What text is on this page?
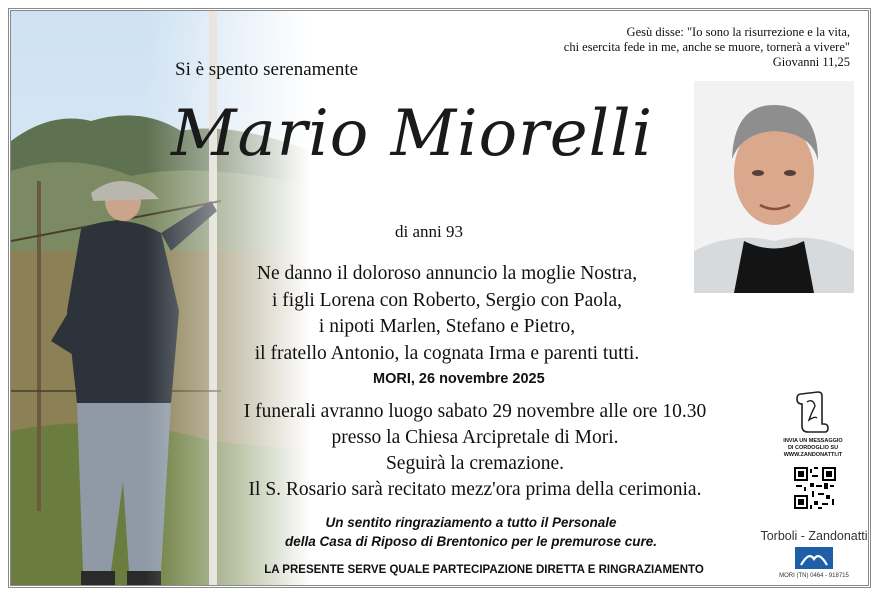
Gesù disse: "Io sono la risurrezione e la vita,
chi esercita fede in me, anche se muore, tornerà a vivere"
Giovanni 11,25
Si è spento serenamente
Mario Miorelli
di anni 93
Ne danno il doloroso annuncio la moglie Nostra,
i figli Lorena con Roberto, Sergio con Paola,
i nipoti Marlen, Stefano e Pietro,
il fratello Antonio, la cognata Irma e parenti tutti.
MORI, 26 novembre 2025
I funerali avranno luogo sabato 29 novembre alle ore 10.30
presso la Chiesa Arcipretale di Mori.
Seguirà la cremazione.
Il S. Rosario sarà recitato mezz'ora prima della cerimonia.
Un sentito ringraziamento a tutto il Personale
della Casa di Riposo di Brentonico per le premurose cure.
LA PRESENTE SERVE QUALE PARTECIPAZIONE DIRETTA E RINGRAZIAMENTO
INVIA UN MESSAGGIO
DI CORDOGLIO SU
WWW.ZANDONATTI.IT
Torboli - Zandonatti
MORI (TN) 0464 - 918715
